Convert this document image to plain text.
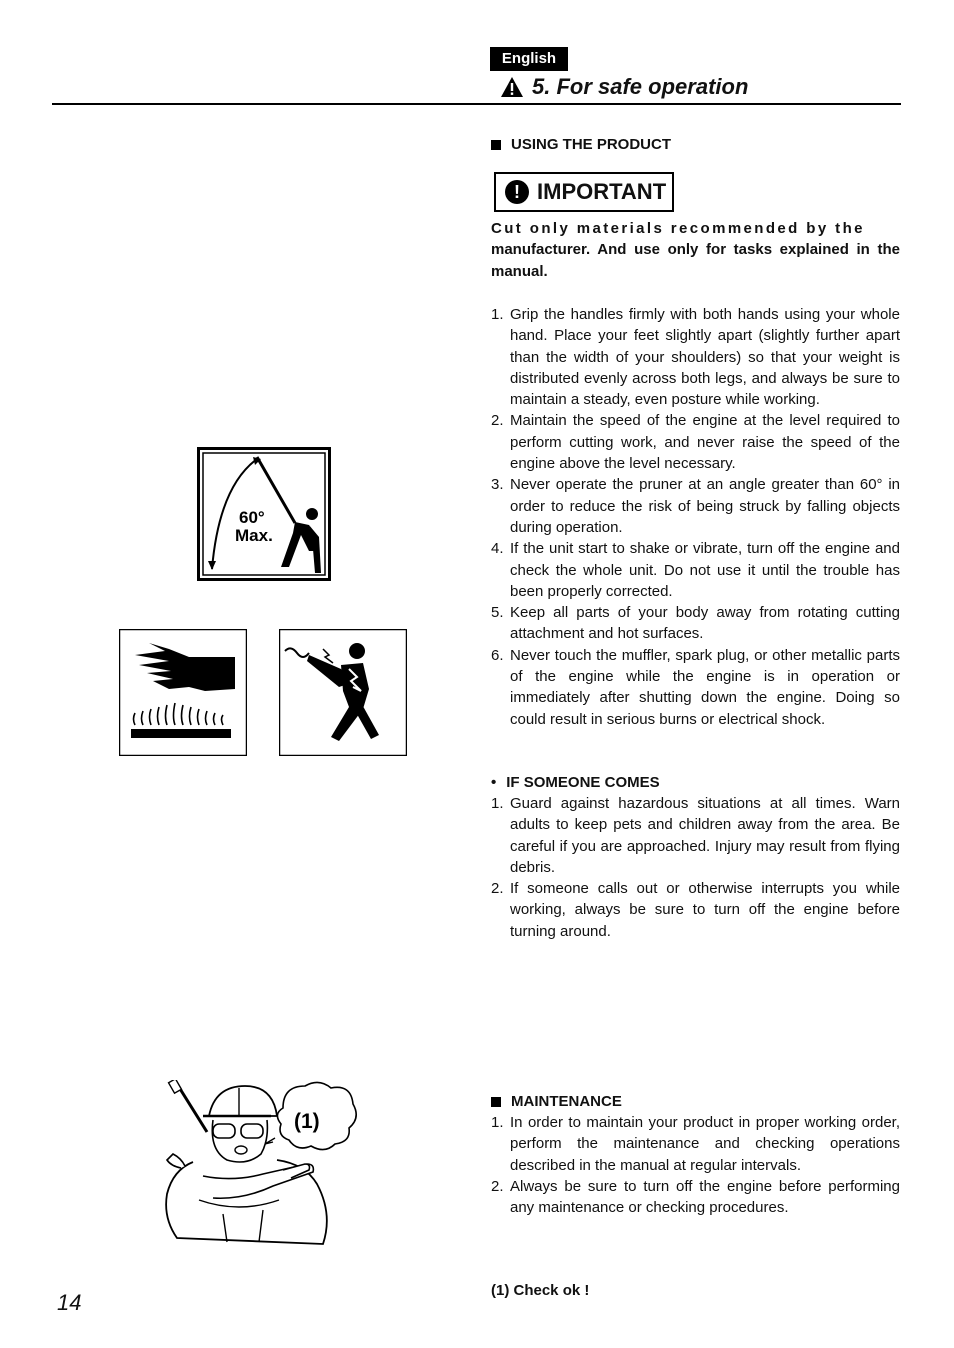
English
5. For safe operation
USING THE PRODUCT
! IMPORTANT
Cut only materials recommended by the
manufacturer. And use only for tasks explained in the manual.
1. Grip the handles firmly with both hands using your whole hand. Place your feet slightly apart (slightly further apart than the width of your shoulders) so that your weight is distributed evenly across both legs, and always be sure to maintain a steady, even posture while working.
2. Maintain the speed of the engine at the level required to perform cutting work, and never raise the speed of the engine above the level necessary.
3. Never operate the pruner at an angle greater than 60° in order to reduce the risk of being struck by falling objects during operation.
4. If the unit start to shake or vibrate, turn off the engine and check the whole unit. Do not use it until the trouble has been properly corrected.
5. Keep all parts of your body away from rotating cutting attachment and hot surfaces.
6. Never touch the muffler, spark plug, or other metallic parts of the engine while the engine is in operation or immediately after shutting down the engine. Doing so could result in serious burns or electrical shock.
• IF SOMEONE COMES
1. Guard against hazardous situations at all times. Warn adults to keep pets and children away from the area. Be careful if you are approached. Injury may result from flying debris.
2. If someone calls out or otherwise interrupts you while working, always be sure to turn off the engine before turning around.
MAINTENANCE
1. In order to maintain your product in proper working order, perform the maintenance and checking operations described in the manual at regular intervals.
2. Always be sure to turn off the engine before performing any maintenance or checking procedures.
(1) Check ok !
14
60°
Max.
(1)
